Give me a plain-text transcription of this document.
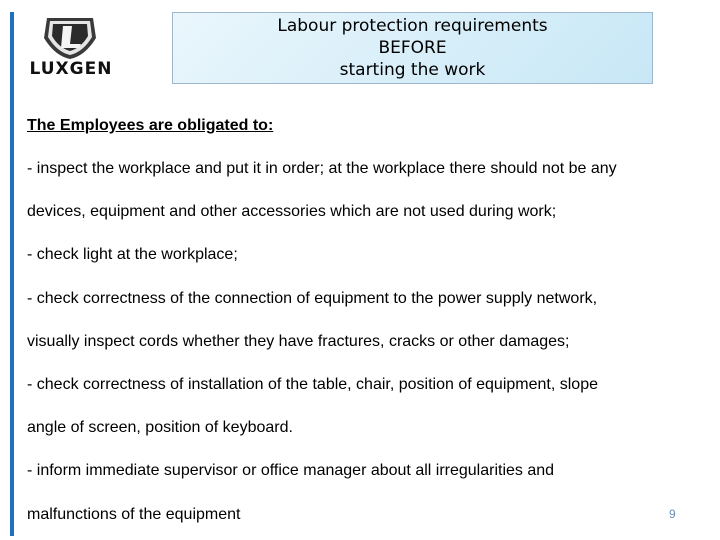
LUXGEN
Labour protection requirements
BEFORE
starting the work
The Employees are obligated to:
- inspect the workplace and put it in order; at the workplace there should not be any
devices, equipment and other accessories which are not used during work;
- check light at the workplace;
- check correctness of the connection of equipment to the power supply network,
visually inspect cords whether they have fractures, cracks or other damages;
- check correctness of installation of the table, chair, position of equipment, slope
angle of screen, position of keyboard.
- inform immediate supervisor or office manager about all irregularities and
malfunctions of the equipment	9
